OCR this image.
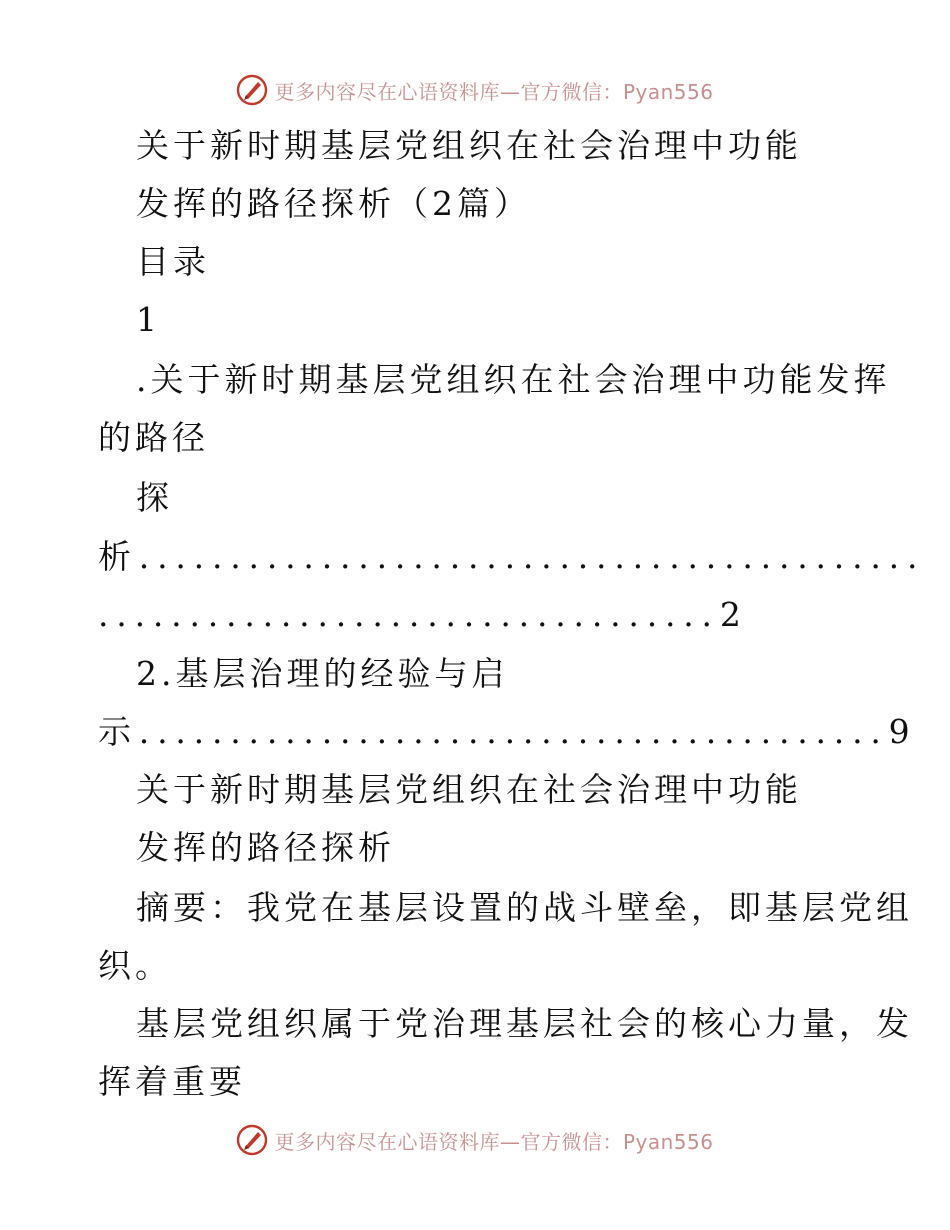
更多内容尽在心语资料库—官方微信：Pyan556
关于新时期基层党组织在社会治理中功能
发挥的路径探析（2篇）
目录
1
.关于新时期基层党组织在社会治理中功能发挥
的路径
探
析...........................................
..................................2
2.基层治理的经验与启
示.........................................9
关于新时期基层党组织在社会治理中功能
发挥的路径探析
摘要：我党在基层设置的战斗壁垒，即基层党组
织。
基层党组织属于党治理基层社会的核心力量，发
挥着重要
更多内容尽在心语资料库—官方微信：Pyan556
